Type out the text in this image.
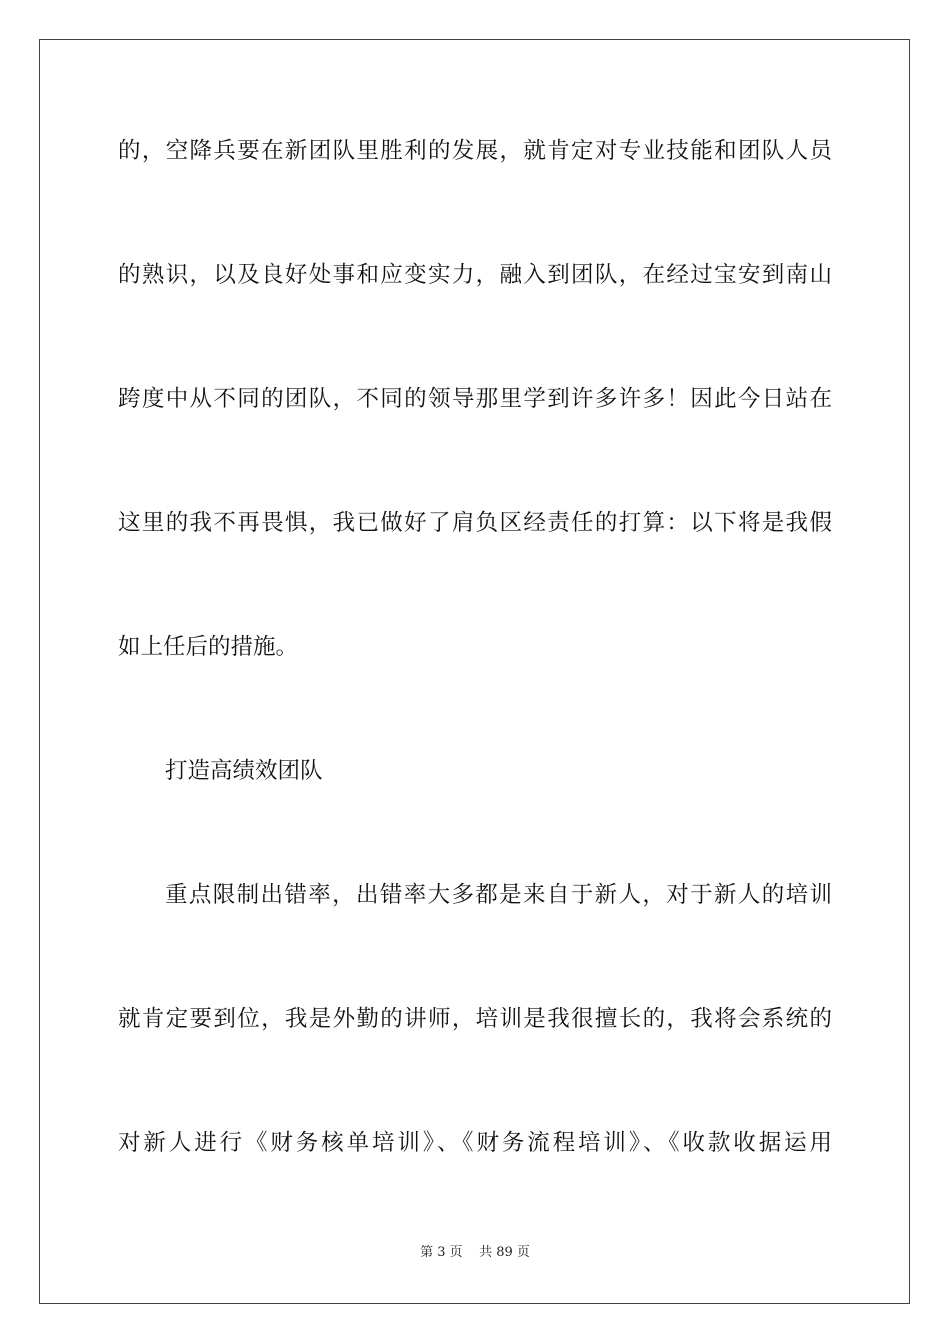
的，空降兵要在新团队里胜利的发展，就肯定对专业技能和团队人员
的熟识，以及良好处事和应变实力，融入到团队，在经过宝安到南山
跨度中从不同的团队，不同的领导那里学到许多许多！因此今日站在
这里的我不再畏惧，我已做好了肩负区经责任的打算：以下将是我假
如上任后的措施。
打造高绩效团队
重点限制出错率，出错率大多都是来自于新人，对于新人的培训
就肯定要到位，我是外勤的讲师，培训是我很擅长的，我将会系统的
对新人进行《财务核单培训》、《财务流程培训》、《收款收据运用
第 3 页    共 89 页
